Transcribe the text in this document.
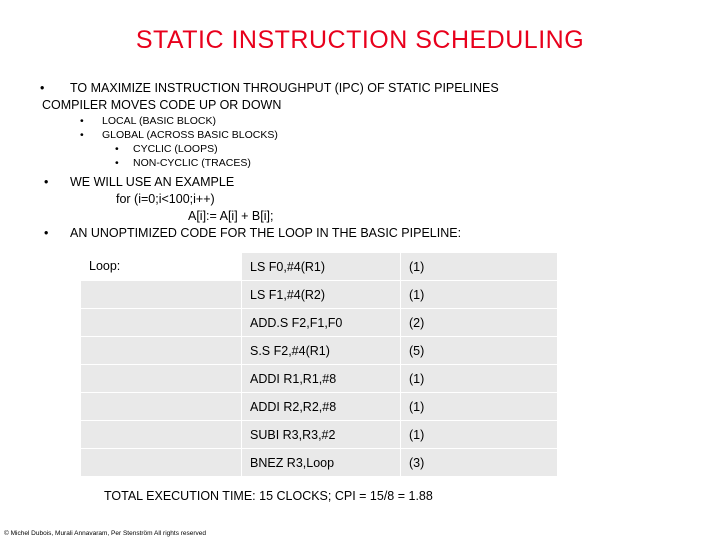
STATIC INSTRUCTION SCHEDULING
• TO MAXIMIZE INSTRUCTION THROUGHPUT (IPC) OF STATIC PIPELINES
COMPILER MOVES CODE UP OR DOWN
• LOCAL (BASIC BLOCK)
• GLOBAL (ACROSS BASIC BLOCKS)
• CYCLIC (LOOPS)
• NON-CYCLIC (TRACES)
• WE WILL USE AN EXAMPLE
for (i=0;i<100;i++)
A[i]:= A[i] + B[i];
• AN UNOPTIMIZED CODE FOR THE LOOP IN THE BASIC PIPELINE:
Loop:	LS F0,#4(R1)	(1)
	LS F1,#4(R2)	(1)
	ADD.S F2,F1,F0	(2)
	S.S F2,#4(R1)	(5)
	ADDI R1,R1,#8	(1)
	ADDI R2,R2,#8	(1)
	SUBI R3,R3,#2	(1)
	BNEZ R3,Loop	(3)
TOTAL EXECUTION TIME: 15 CLOCKS; CPI = 15/8 = 1.88
© Michel Dubois, Murali Annavaram, Per Stenström All rights reserved
